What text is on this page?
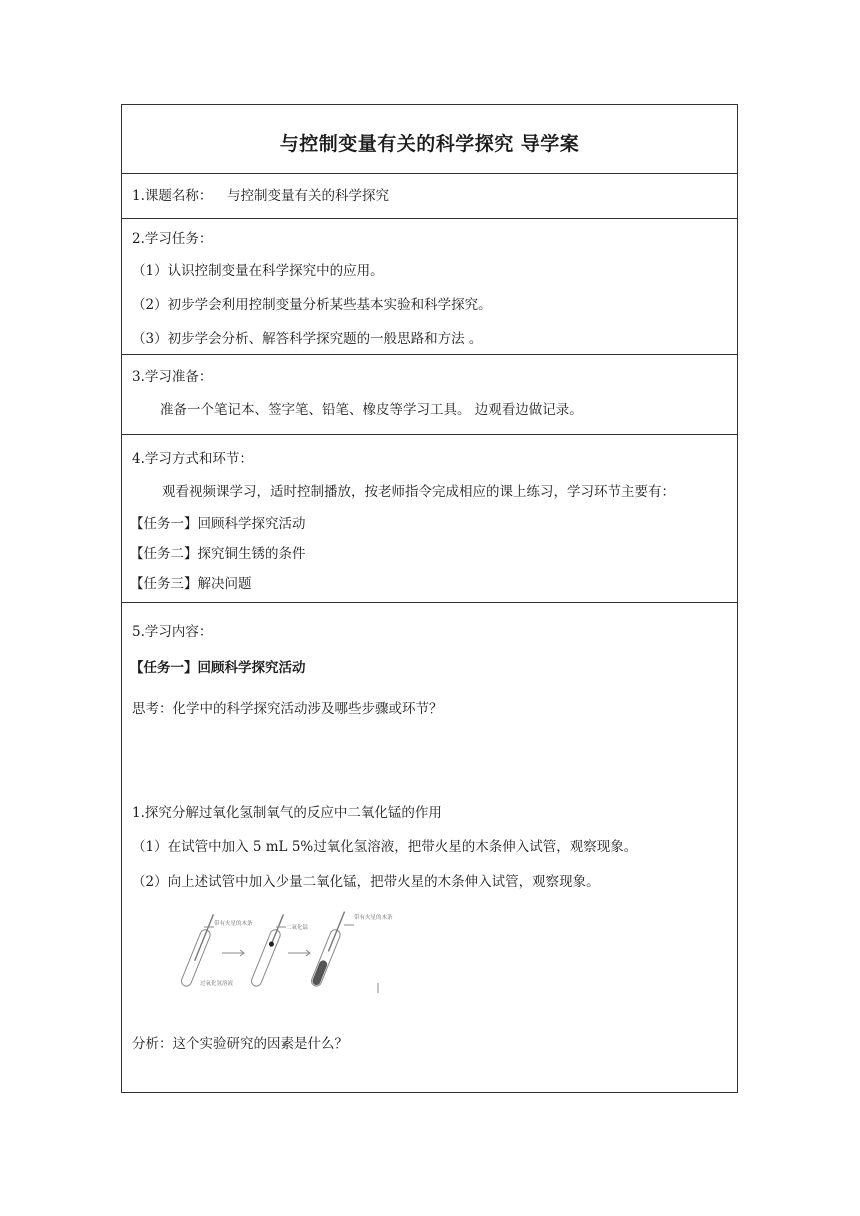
与控制变量有关的科学探究 导学案
1.课题名称： 与控制变量有关的科学探究
2.学习任务：
（1）认识控制变量在科学探究中的应用。
（2）初步学会利用控制变量分析某些基本实验和科学探究。
（3）初步学会分析、解答科学探究题的一般思路和方法 。
3.学习准备：
准备一个笔记本、签字笔、铅笔、橡皮等学习工具。 边观看边做记录。
4.学习方式和环节：
观看视频课学习，适时控制播放，按老师指令完成相应的课上练习，学习环节主要有：
【任务一】回顾科学探究活动
【任务二】探究铜生锈的条件
【任务三】解决问题
5.学习内容：
【任务一】回顾科学探究活动
思考：化学中的科学探究活动涉及哪些步骤或环节？
1.探究分解过氧化氢制氧气的反应中二氧化锰的作用
（1）在试管中加入 5 mL 5%过氧化氢溶液，把带火星的木条伸入试管，观察现象。
（2）向上述试管中加入少量二氧化锰，把带火星的木条伸入试管，观察现象。
带有火星的木条
二氧化锰
过氧化氢溶液
带有火星的木条
分析：这个实验研究的因素是什么？
